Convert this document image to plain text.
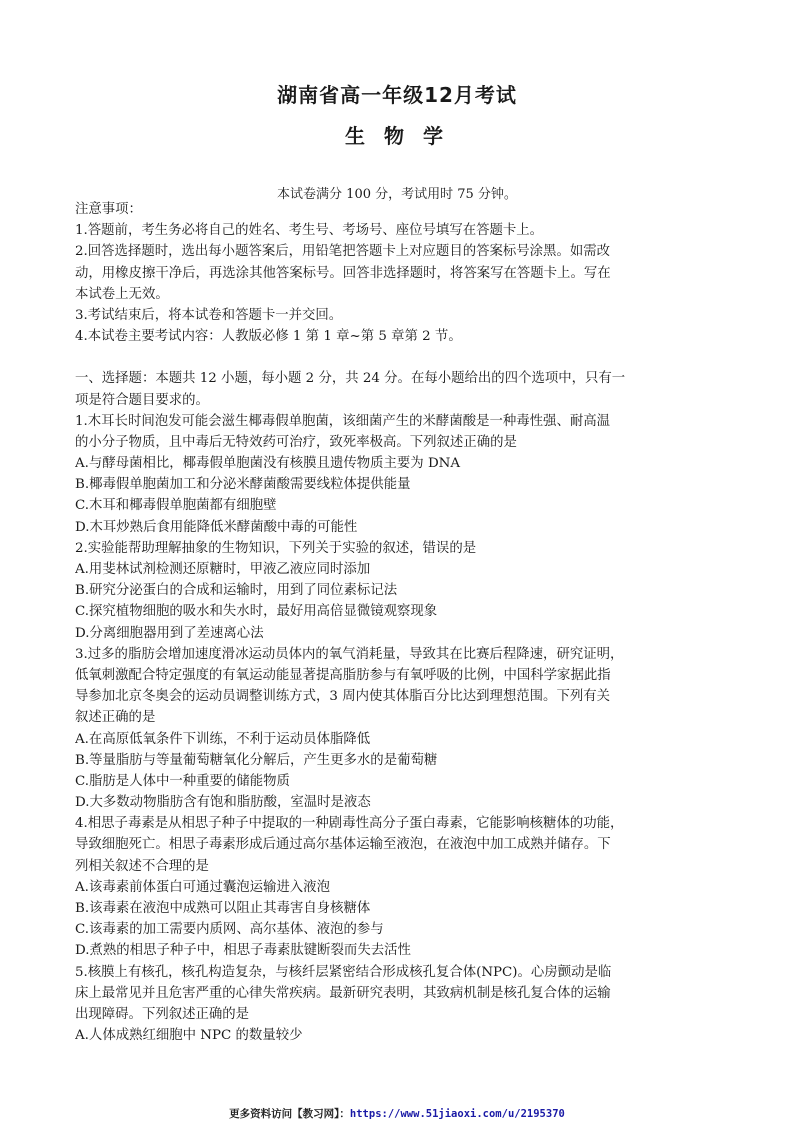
湖南省高一年级12月考试
生 物 学
本试卷满分 100 分，考试用时 75 分钟。
注意事项：
1.答题前，考生务必将自己的姓名、考生号、考场号、座位号填写在答题卡上。
2.回答选择题时，选出每小题答案后，用铅笔把答题卡上对应题目的答案标号涂黑。如需改
动，用橡皮擦干净后，再选涂其他答案标号。回答非选择题时，将答案写在答题卡上。写在
本试卷上无效。
3.考试结束后，将本试卷和答题卡一并交回。
4.本试卷主要考试内容：人教版必修 1 第 1 章~第 5 章第 2 节。
一、选择题：本题共 12 小题，每小题 2 分，共 24 分。在每小题给出的四个选项中，只有一
项是符合题目要求的。
1.木耳长时间泡发可能会滋生椰毒假单胞菌，该细菌产生的米酵菌酸是一种毒性强、耐高温
的小分子物质，且中毒后无特效药可治疗，致死率极高。下列叙述正确的是
A.与酵母菌相比，椰毒假单胞菌没有核膜且遗传物质主要为 DNA
B.椰毒假单胞菌加工和分泌米酵菌酸需要线粒体提供能量
C.木耳和椰毒假单胞菌都有细胞壁
D.木耳炒熟后食用能降低米酵菌酸中毒的可能性
2.实验能帮助理解抽象的生物知识，下列关于实验的叙述，错误的是
A.用斐林试剂检测还原糖时，甲液乙液应同时添加
B.研究分泌蛋白的合成和运输时，用到了同位素标记法
C.探究植物细胞的吸水和失水时，最好用高倍显微镜观察现象
D.分离细胞器用到了差速离心法
3.过多的脂肪会增加速度滑冰运动员体内的氧气消耗量，导致其在比赛后程降速，研究证明，
低氧刺激配合特定强度的有氧运动能显著提高脂肪参与有氧呼吸的比例，中国科学家据此指
导参加北京冬奥会的运动员调整训练方式，3 周内使其体脂百分比达到理想范围。下列有关
叙述正确的是
A.在高原低氧条件下训练，不利于运动员体脂降低
B.等量脂肪与等量葡萄糖氧化分解后，产生更多水的是葡萄糖
C.脂肪是人体中一种重要的储能物质
D.大多数动物脂肪含有饱和脂肪酸，室温时是液态
4.相思子毒素是从相思子种子中提取的一种剧毒性高分子蛋白毒素，它能影响核糖体的功能，
导致细胞死亡。相思子毒素形成后通过高尔基体运输至液泡，在液泡中加工成熟并储存。下
列相关叙述不合理的是
A.该毒素前体蛋白可通过囊泡运输进入液泡
B.该毒素在液泡中成熟可以阻止其毒害自身核糖体
C.该毒素的加工需要内质网、高尔基体、液泡的参与
D.煮熟的相思子种子中，相思子毒素肽键断裂而失去活性
5.核膜上有核孔，核孔构造复杂，与核纤层紧密结合形成核孔复合体(NPC)。心房颤动是临
床上最常见并且危害严重的心律失常疾病。最新研究表明，其致病机制是核孔复合体的运输
出现障碍。下列叙述正确的是
A.人体成熟红细胞中 NPC 的数量较少
更多资料访问【教习网】：https://www.51jiaoxi.com/u/2195370
